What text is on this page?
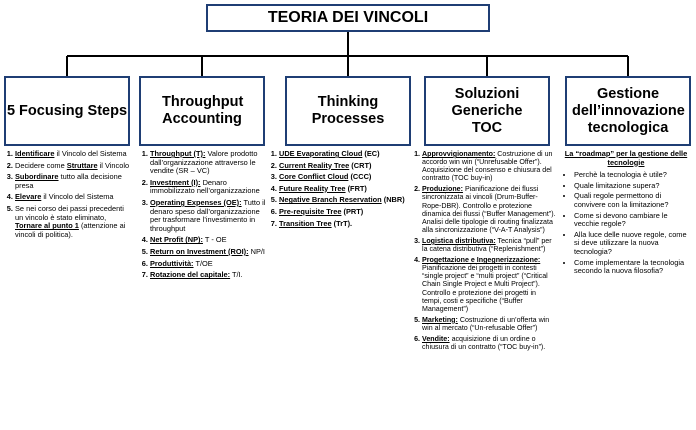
TEORIA DEI VINCOLI
5 Focusing Steps
Throughput Accounting
Thinking Processes
Soluzioni Generiche TOC
Gestione dell’innovazione tecnologica
1. Identificare il Vincolo del Sistema
2. Decidere come Struttare il Vincolo
3. Subordinare tutto alla decisione presa
4. Elevare il Vincolo del Sistema
5. Se nei corso dei passi precedenti un vincolo è stato eliminato, Tornare al punto 1 (attenzione ai vincoli di politica).
1. Throughput (T): Valore prodotto dall’organizzazione attraverso le vendite (SR – VC)
2. Investment (I): Denaro immobilizzato nell’organizzazione
3. Operating Expenses (OE): Tutto il denaro speso dall’organizzazione per trasformare l’investimento in throughput
4. Net Profit (NP): T - OE
5. Return on Investment (ROI): NP/I
6. Produttività: T/OE
7. Rotazione del capitale: T/I.
1. UDE Evaporating Cloud (EC)
2. Current Reality Tree (CRT)
3. Core Conflict Cloud (CCC)
4. Future Reality Tree (FRT)
5. Negative Branch Reservation (NBR)
6. Pre-requisite Tree (PRT)
7. Transition Tree (TrT).
1. Approvvigionamento: Costruzione di un accordo win win (“Unrefusable Offer”). Acquisizione del consenso e chiusura del contratto (TOC buy-in)
2. Produzione: Pianificazione dei flussi sincronizzata ai vincoli (Drum-Buffer-Rope-DBR). Controllo e protezione dinamica dei flussi (“Buffer Management”). Analisi delle tipologie di routing finalizzata alla sincronizzazione (“V-A-T Analysis”)
3. Logistica distributiva: Tecnica “pull” per la catena distributiva (“Replenishment”)
4. Progettazione e Ingegnerizzazione: Pianificazione dei progetti in contesti “single project” e “multi project” (“Critical Chain Single Project e Multi Project”). Controllo e protezione dei progetti in tempi, costi e specifiche (“Buffer Management”)
5. Marketing: Costruzione di un’offerta win win al mercato (“Un-refusable Offer”)
6. Vendite: acquisizione di un ordine o chiusura di un contratto (“TOC buy-in”).
La “roadmap” per la gestione delle tecnologie
• Perchè la tecnologia è utile?
• Quale limitazione supera?
• Quali regole permettono di convivere con la limitazione?
• Come si devono cambiare le vecchie regole?
• Alla luce delle nuove regole, come si deve utilizzare la nuova tecnologia?
• Come implementare la tecnologia secondo la nuova filosofia?
